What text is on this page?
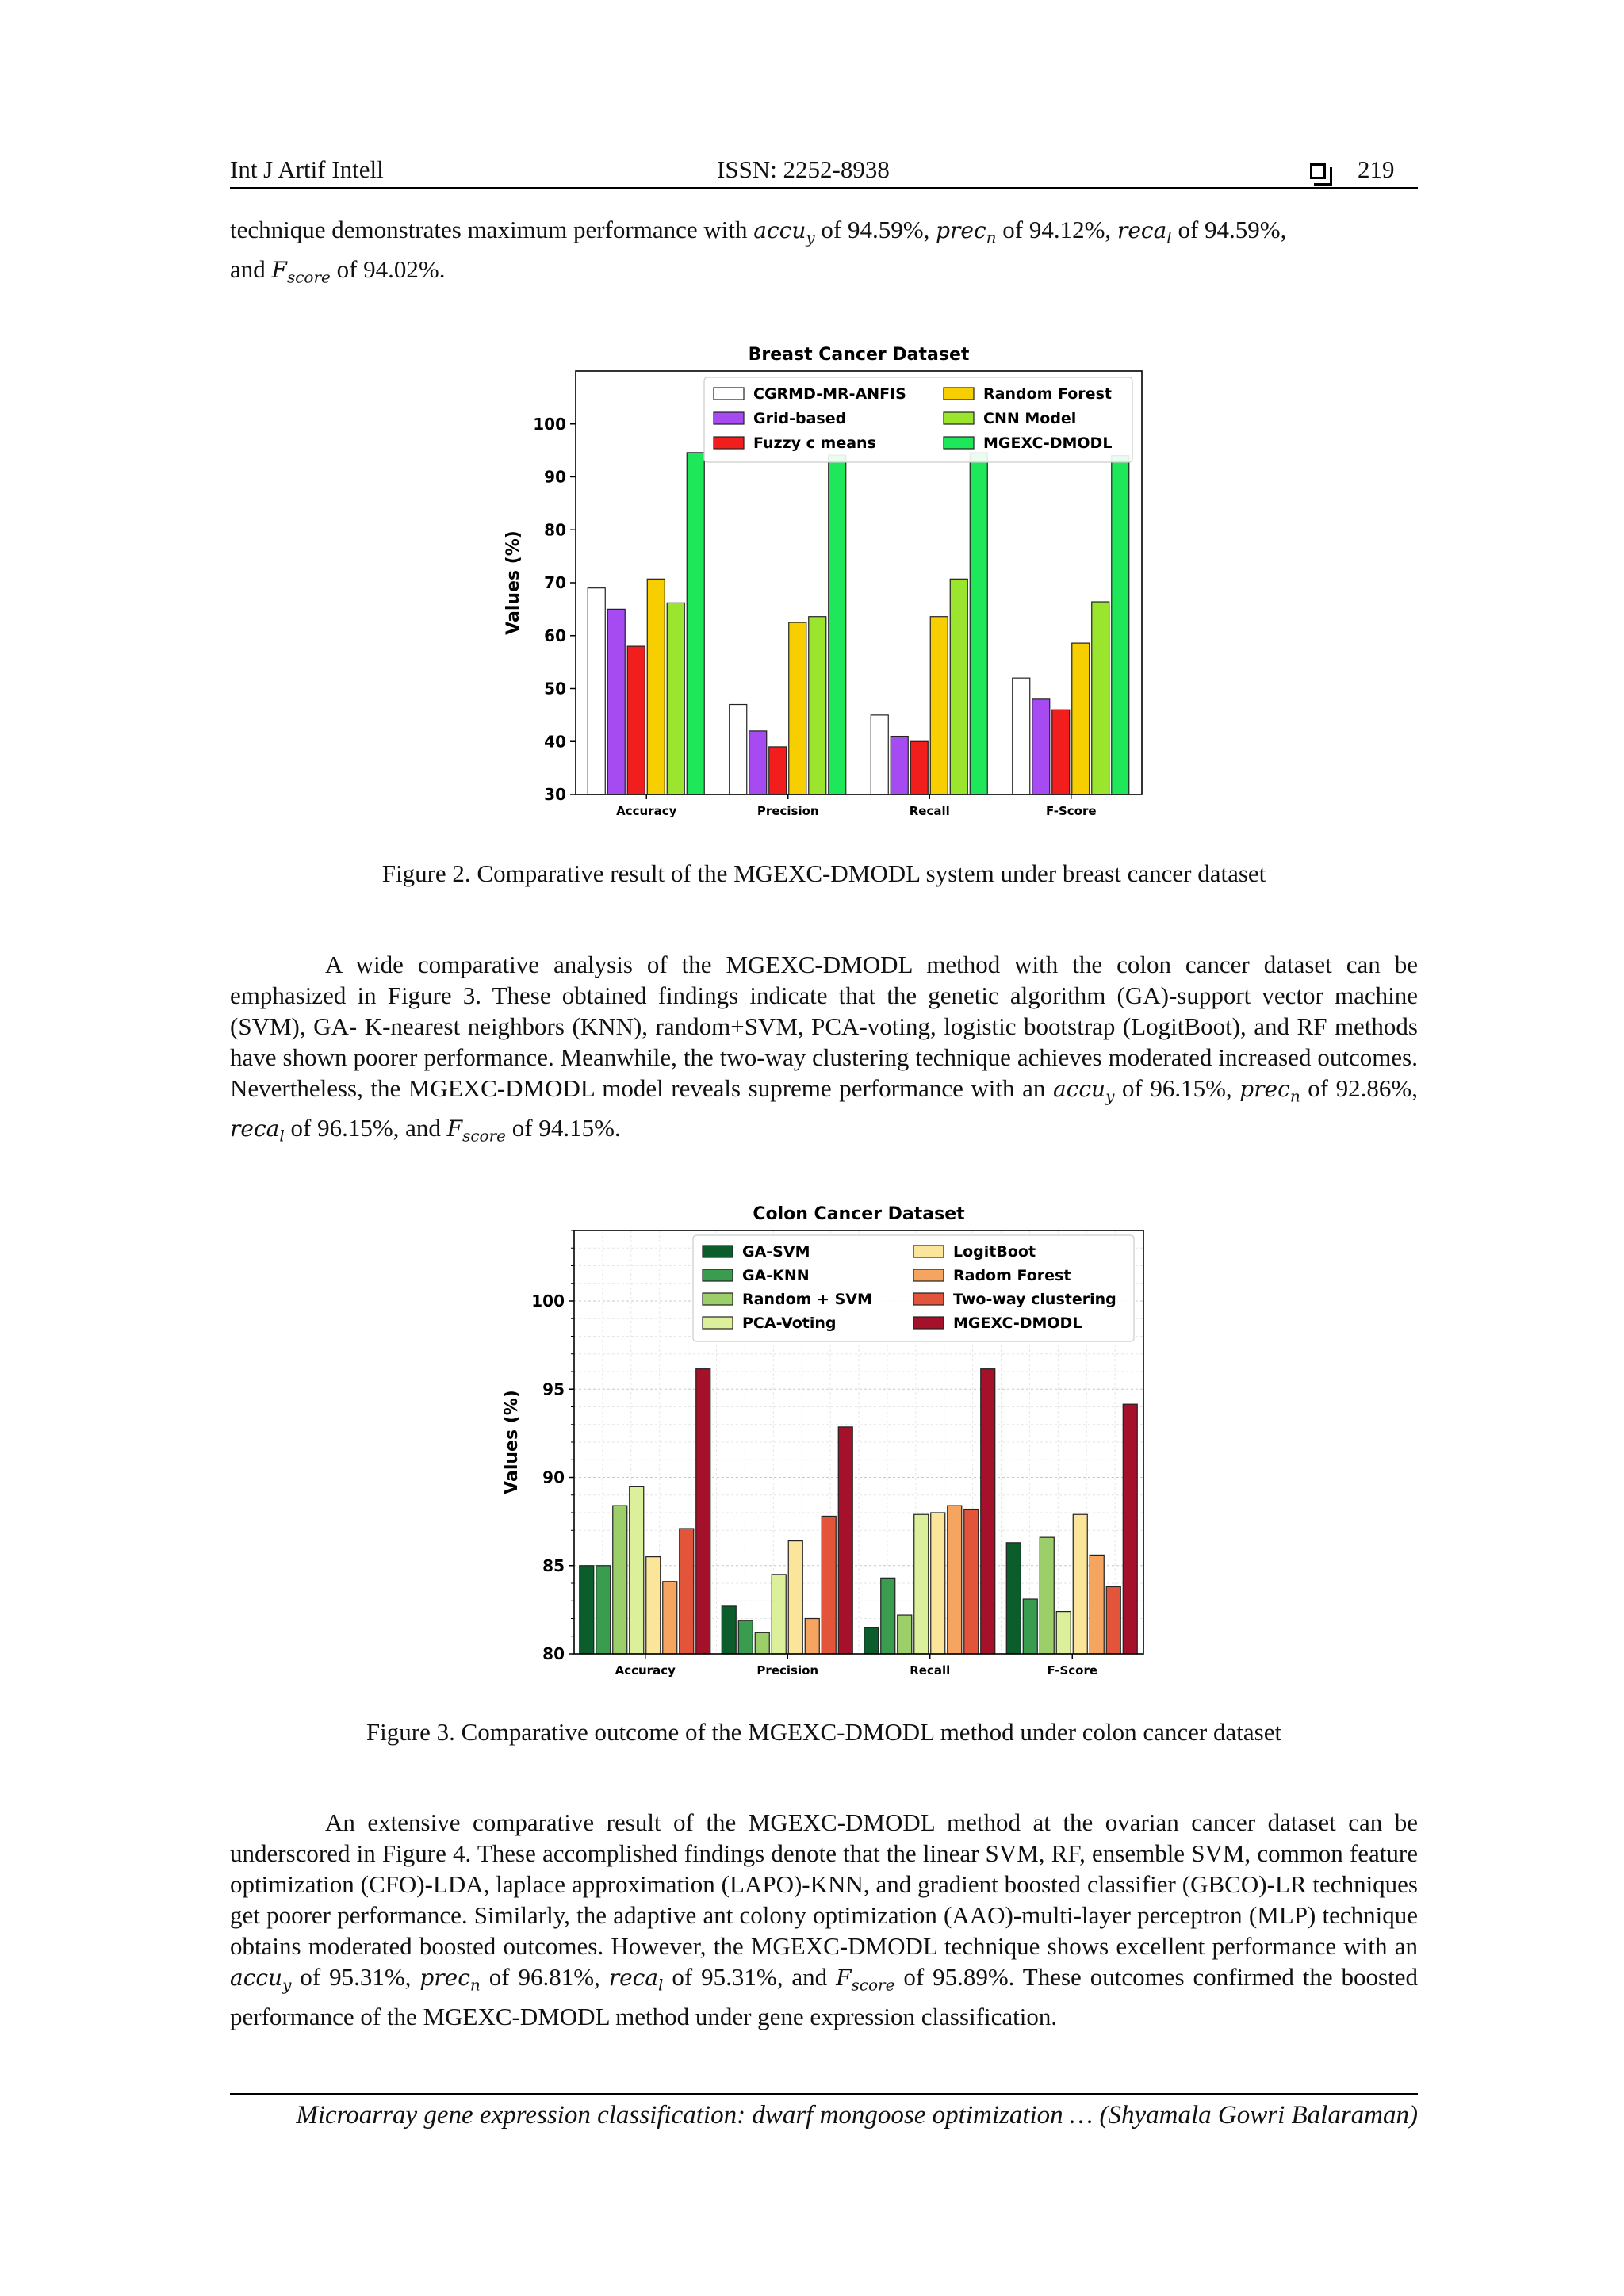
Int J Artif Intell	ISSN: 2252-8938	219
technique demonstrates maximum performance with accu$_y$ of 94.59%, prec$_n$ of 94.12%, reca$_l$ of 94.59%,
and $F_{score}$ of 94.02%.
Breast Cancer Dataset
Accuracy	Precision	Recall	F-Score
30
40
50
60
70
80
90
100
Values (%)
CGRMD-MR-ANFIS
Grid-based
Fuzzy c means
Random Forest
CNN Model
MGEXC-DMODL
Figure 2. Comparative result of the MGEXC-DMODL system under breast cancer dataset
A wide comparative analysis of the MGEXC-DMODL method with the colon cancer dataset can be emphasized in Figure 3. These obtained findings indicate that the genetic algorithm (GA)-support vector machine (SVM), GA- K-nearest neighbors (KNN), random+SVM, PCA-voting, logistic bootstrap (LogitBoot), and RF methods have shown poorer performance. Meanwhile, the two-way clustering technique achieves moderated increased outcomes. Nevertheless, the MGEXC-DMODL model reveals supreme performance with an accu$_y$ of 96.15%, prec$_n$ of 92.86%, reca$_l$ of 96.15%, and $F_{score}$ of 94.15%.
Colon Cancer Dataset
Accuracy	Precision	Recall	F-Score
80
85
90
95
100
Values (%)
GA-SVM
GA-KNN
Random + SVM
PCA-Voting
LogitBoot
Radom Forest
Two-way clustering
MGEXC-DMODL
Figure 3. Comparative outcome of the MGEXC-DMODL method under colon cancer dataset
An extensive comparative result of the MGEXC-DMODL method at the ovarian cancer dataset can be underscored in Figure 4. These accomplished findings denote that the linear SVM, RF, ensemble SVM, common feature optimization (CFO)-LDA, laplace approximation (LAPO)-KNN, and gradient boosted classifier (GBCO)-LR techniques get poorer performance. Similarly, the adaptive ant colony optimization (AAO)-multi-layer perceptron (MLP) technique obtains moderated boosted outcomes. However, the MGEXC-DMODL technique shows excellent performance with an accu$_y$ of 95.31%, prec$_n$ of 96.81%, reca$_l$ of 95.31%, and $F_{score}$ of 95.89%. These outcomes confirmed the boosted performance of the MGEXC-DMODL method under gene expression classification.
Microarray gene expression classification: dwarf mongoose optimization … (Shyamala Gowri Balaraman)
